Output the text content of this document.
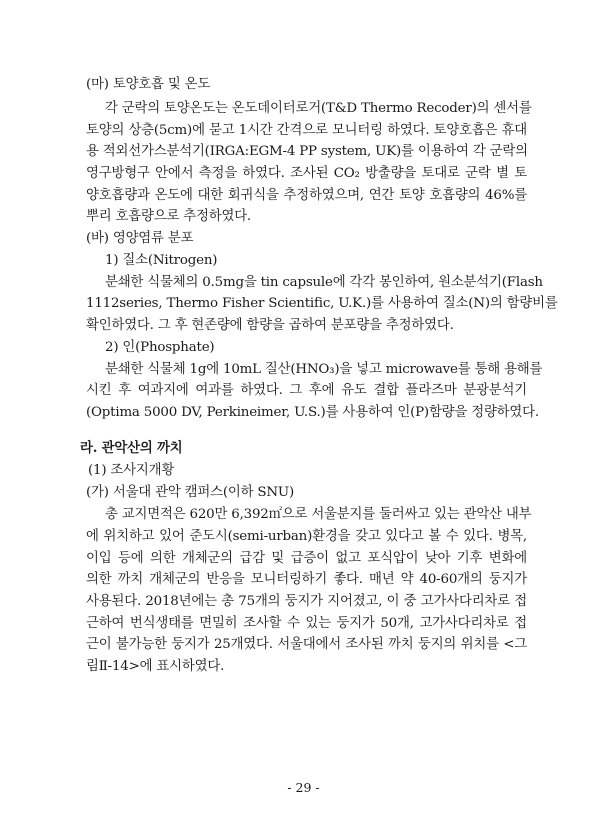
(마) 토양호흡 및 온도
각 군락의 토양온도는 온도데이터로거(T&D Thermo Recoder)의 센서를
토양의 상층(5cm)에 묻고 1시간 간격으로 모니터링 하였다. 토양호흡은 휴대
용 적외선가스분석기(IRGA:EGM-4 PP system, UK)를 이용하여 각 군락의
영구방형구 안에서 측정을 하였다. 조사된 CO₂ 방출량을 토대로 군락 별 토
양호흡량과 온도에 대한 회귀식을 추정하였으며, 연간 토양 호흡량의 46%를
뿌리 호흡량으로 추정하였다.
(바) 영양염류 분포
1) 질소(Nitrogen)
분쇄한 식물체의 0.5mg을 tin capsule에 각각 봉인하여, 원소분석기(Flash
1112series, Thermo Fisher Scientific, U.K.)를 사용하여 질소(N)의 함량비를
확인하였다. 그 후 현존량에 함량을 곱하여 분포량을 추정하였다.
2) 인(Phosphate)
분쇄한 식물체 1g에 10mL 질산(HNO₃)을 넣고 microwave를 통해 용해를
시킨 후 여과지에 여과를 하였다. 그 후에 유도 결합 플라즈마 분광분석기
(Optima 5000 DV, Perkineimer, U.S.)를 사용하여 인(P)함량을 정량하였다.
라. 관악산의 까치
(1) 조사지개황
(가) 서울대 관악 캠퍼스(이하 SNU)
총 교지면적은 620만 6,392㎡으로 서울분지를 둘러싸고 있는 관악산 내부
에 위치하고 있어 준도시(semi-urban)환경을 갖고 있다고 볼 수 있다. 병목,
이입 등에 의한 개체군의 급감 및 급증이 없고 포식압이 낮아 기후 변화에
의한 까치 개체군의 반응을 모니터링하기 좋다. 매년 약 40-60개의 둥지가
사용된다. 2018년에는 총 75개의 둥지가 지어졌고, 이 중 고가사다리차로 접
근하여 번식생태를 면밀히 조사할 수 있는 둥지가 50개, 고가사다리차로 접
근이 불가능한 둥지가 25개였다. 서울대에서 조사된 까치 둥지의 위치를 <그
림Ⅱ-14>에 표시하였다.
- 29 -
